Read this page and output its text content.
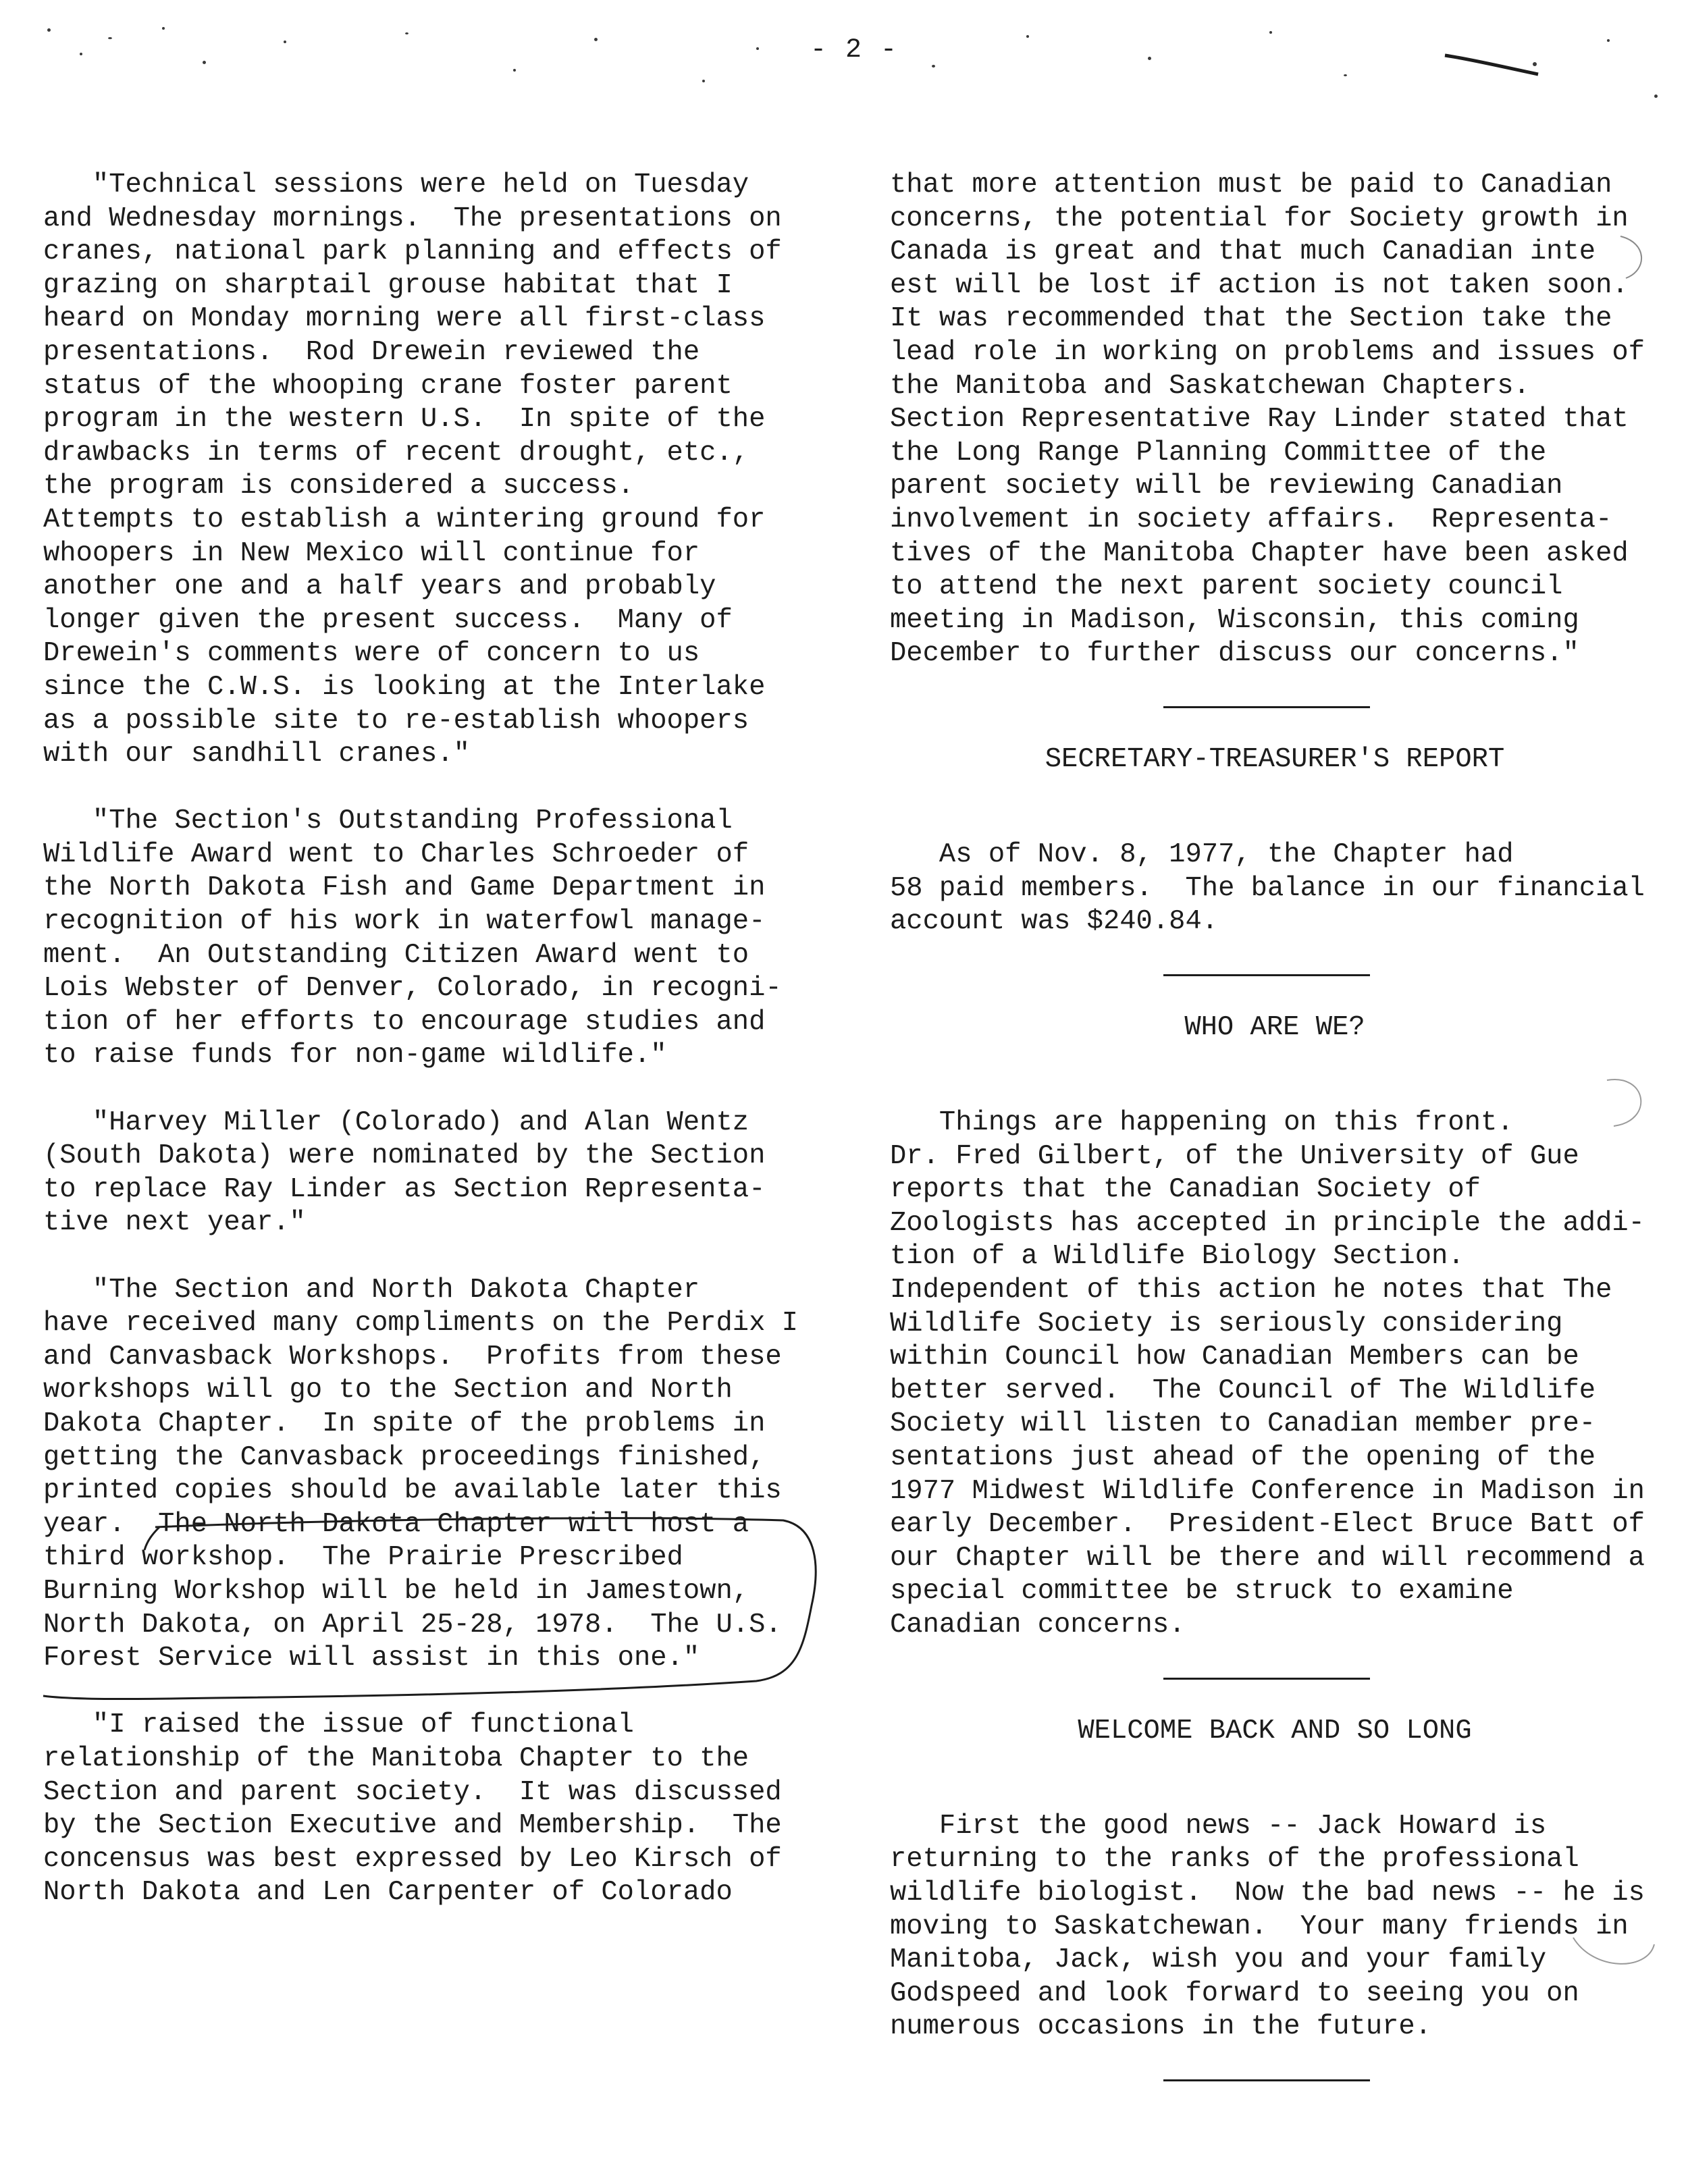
- 2 -

"Technical sessions were held on Tuesday
and Wednesday mornings.  The presentations on
cranes, national park planning and effects of
grazing on sharptail grouse habitat that I
heard on Monday morning were all first-class
presentations.  Rod Drewein reviewed the
status of the whooping crane foster parent
program in the western U.S.  In spite of the
drawbacks in terms of recent drought, etc.,
the program is considered a success.
Attempts to establish a wintering ground for
whoopers in New Mexico will continue for
another one and a half years and probably
longer given the present success.  Many of
Drewein's comments were of concern to us
since the C.W.S. is looking at the Interlake
as a possible site to re-establish whoopers
with our sandhill cranes."

"The Section's Outstanding Professional
Wildlife Award went to Charles Schroeder of
the North Dakota Fish and Game Department in
recognition of his work in waterfowl manage-
ment.  An Outstanding Citizen Award went to
Lois Webster of Denver, Colorado, in recogni-
tion of her efforts to encourage studies and
to raise funds for non-game wildlife."

"Harvey Miller (Colorado) and Alan Wentz
(South Dakota) were nominated by the Section
to replace Ray Linder as Section Representa-
tive next year."

"The Section and North Dakota Chapter
have received many compliments on the Perdix I
and Canvasback Workshops.  Profits from these
workshops will go to the Section and North
Dakota Chapter.  In spite of the problems in
getting the Canvasback proceedings finished,
printed copies should be available later this
year.  The North Dakota Chapter will host a
third workshop.  The Prairie Prescribed
Burning Workshop will be held in Jamestown,
North Dakota, on April 25-28, 1978.  The U.S.
Forest Service will assist in this one."

"I raised the issue of functional
relationship of the Manitoba Chapter to the
Section and parent society.  It was discussed
by the Section Executive and Membership.  The
concensus was best expressed by Leo Kirsch of
North Dakota and Len Carpenter of Colorado

that more attention must be paid to Canadian
concerns, the potential for Society growth in
Canada is great and that much Canadian inte
est will be lost if action is not taken soon.
It was recommended that the Section take the
lead role in working on problems and issues of
the Manitoba and Saskatchewan Chapters.
Section Representative Ray Linder stated that
the Long Range Planning Committee of the
parent society will be reviewing Canadian
involvement in society affairs.  Representa-
tives of the Manitoba Chapter have been asked
to attend the next parent society council
meeting in Madison, Wisconsin, this coming
December to further discuss our concerns."

SECRETARY-TREASURER'S REPORT

As of Nov. 8, 1977, the Chapter had
58 paid members.  The balance in our financial
account was $240.84.

WHO ARE WE?

Things are happening on this front.
Dr. Fred Gilbert, of the University of Gue
reports that the Canadian Society of
Zoologists has accepted in principle the addi-
tion of a Wildlife Biology Section.
Independent of this action he notes that The
Wildlife Society is seriously considering
within Council how Canadian Members can be
better served.  The Council of The Wildlife
Society will listen to Canadian member pre-
sentations just ahead of the opening of the
1977 Midwest Wildlife Conference in Madison in
early December.  President-Elect Bruce Batt of
our Chapter will be there and will recommend a
special committee be struck to examine
Canadian concerns.

WELCOME BACK AND SO LONG

First the good news -- Jack Howard is
returning to the ranks of the professional
wildlife biologist.  Now the bad news -- he is
moving to Saskatchewan.  Your many friends in
Manitoba, Jack, wish you and your family
Godspeed and look forward to seeing you on
numerous occasions in the future.
